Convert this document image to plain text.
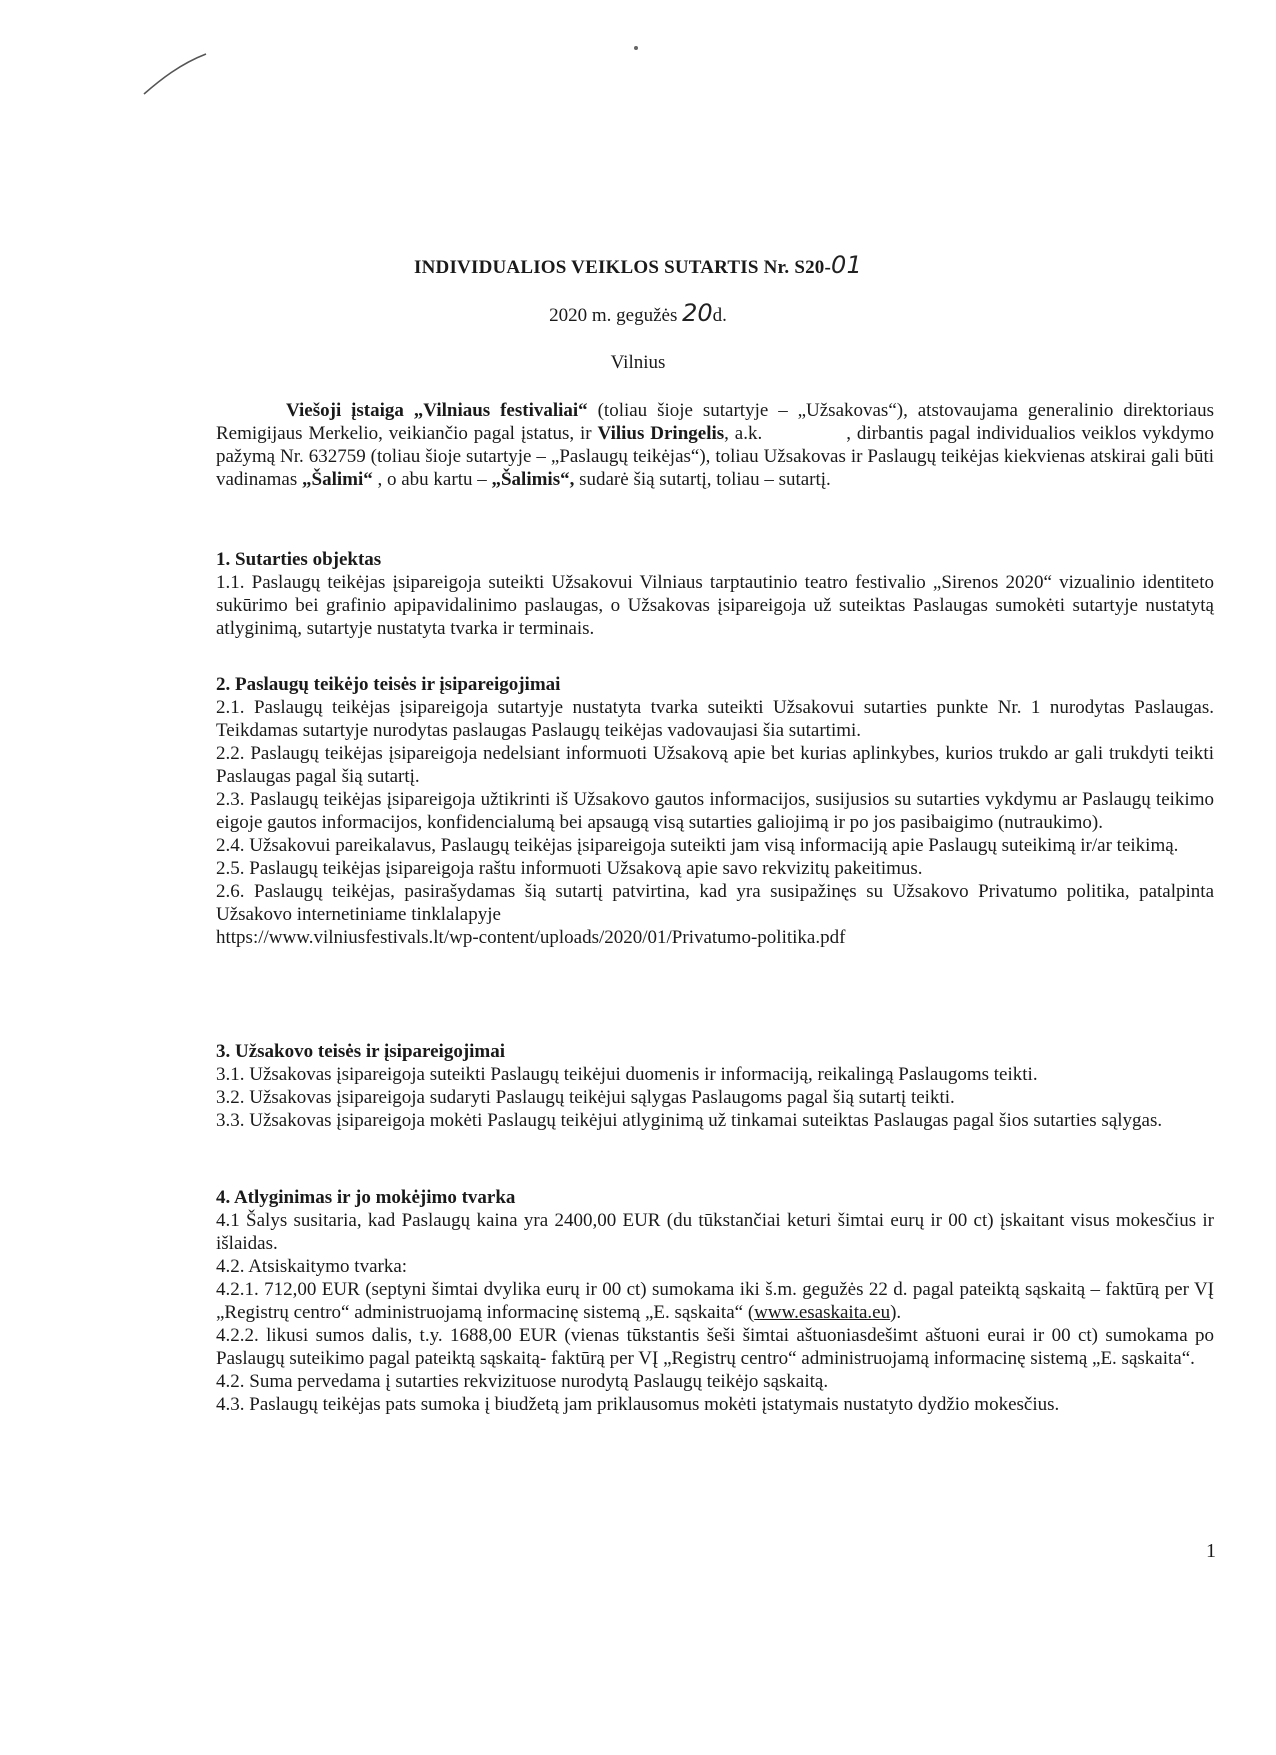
INDIVIDUALIOS VEIKLOS SUTARTIS Nr. S20-01
2020 m. gegužės 20d.
Vilnius
Viešoji įstaiga „Vilniaus festivaliai“ (toliau šioje sutartyje – „Užsakovas“), atstovaujama generalinio direktoriaus Remigijaus Merkelio, veikiančio pagal įstatus, ir Vilius Dringelis, a.k.	, dirbantis pagal individualios veiklos vykdymo pažymą Nr. 632759 (toliau šioje sutartyje – „Paslaugų teikėjas“), toliau Užsakovas ir Paslaugų teikėjas kiekvienas atskirai gali būti vadinamas „Šalimi“ , o abu kartu – „Šalimis“, sudarė šią sutartį, toliau – sutartį.
1. Sutarties objektas

1.1. Paslaugų teikėjas įsipareigoja suteikti Užsakovui Vilniaus tarptautinio teatro festivalio „Sirenos 2020“ vizualinio identiteto sukūrimo bei grafinio apipavidalinimo paslaugas, o Užsakovas įsipareigoja už suteiktas Paslaugas sumokėti sutartyje nustatytą atlyginimą, sutartyje nustatyta tvarka ir terminais.

2. Paslaugų teikėjo teisės ir įsipareigojimai

2.1. Paslaugų teikėjas įsipareigoja sutartyje nustatyta tvarka suteikti Užsakovui sutarties punkte Nr. 1 nurodytas Paslaugas. Teikdamas sutartyje nurodytas paslaugas Paslaugų teikėjas vadovaujasi šia sutartimi.

2.2. Paslaugų teikėjas įsipareigoja nedelsiant informuoti Užsakovą apie bet kurias aplinkybes, kurios trukdo ar gali trukdyti teikti Paslaugas pagal šią sutartį.

2.3. Paslaugų teikėjas įsipareigoja užtikrinti iš Užsakovo gautos informacijos, susijusios su sutarties vykdymu ar Paslaugų teikimo eigoje gautos informacijos, konfidencialumą bei apsaugą visą sutarties galiojimą ir po jos pasibaigimo (nutraukimo).

2.4. Užsakovui pareikalavus, Paslaugų teikėjas įsipareigoja suteikti jam visą informaciją apie Paslaugų suteikimą ir/ar teikimą.

2.5. Paslaugų teikėjas įsipareigoja raštu informuoti Užsakovą apie savo rekvizitų pakeitimus.

2.6. Paslaugų teikėjas, pasirašydamas šią sutartį patvirtina, kad yra susipažinęs su Užsakovo Privatumo politika, patalpinta Užsakovo internetiniame tinklalapyje

https://www.vilniusfestivals.lt/wp-content/uploads/2020/01/Privatumo-politika.pdf

3. Užsakovo teisės ir įsipareigojimai

3.1. Užsakovas įsipareigoja suteikti Paslaugų teikėjui duomenis ir informaciją, reikalingą Paslaugoms teikti.

3.2. Užsakovas įsipareigoja sudaryti Paslaugų teikėjui sąlygas Paslaugoms pagal šią sutartį teikti.

3.3. Užsakovas įsipareigoja mokėti Paslaugų teikėjui atlyginimą už tinkamai suteiktas Paslaugas pagal šios sutarties sąlygas.

4. Atlyginimas ir jo mokėjimo tvarka

4.1 Šalys susitaria, kad Paslaugų kaina yra 2400,00 EUR (du tūkstančiai keturi šimtai eurų ir 00 ct) įskaitant visus mokesčius ir išlaidas.

4.2. Atsiskaitymo tvarka:

4.2.1. 712,00 EUR (septyni šimtai dvylika eurų ir 00 ct) sumokama iki š.m. gegužės 22 d. pagal pateiktą sąskaitą – faktūrą per VĮ „Registrų centro“ administruojamą informacinę sistemą „E. sąskaita“ (www.esaskaita.eu).

4.2.2. likusi sumos dalis, t.y. 1688,00 EUR (vienas tūkstantis šeši šimtai aštuoniasdešimt aštuoni eurai ir 00 ct) sumokama po Paslaugų suteikimo pagal pateiktą sąskaitą- faktūrą per VĮ „Registrų centro“ administruojamą informacinę sistemą „E. sąskaita“.

4.2. Suma pervedama į sutarties rekvizituose nurodytą Paslaugų teikėjo sąskaitą.

4.3. Paslaugų teikėjas pats sumoka į biudžetą jam priklausomus mokėti įstatymais nustatyto dydžio mokesčius.

1
